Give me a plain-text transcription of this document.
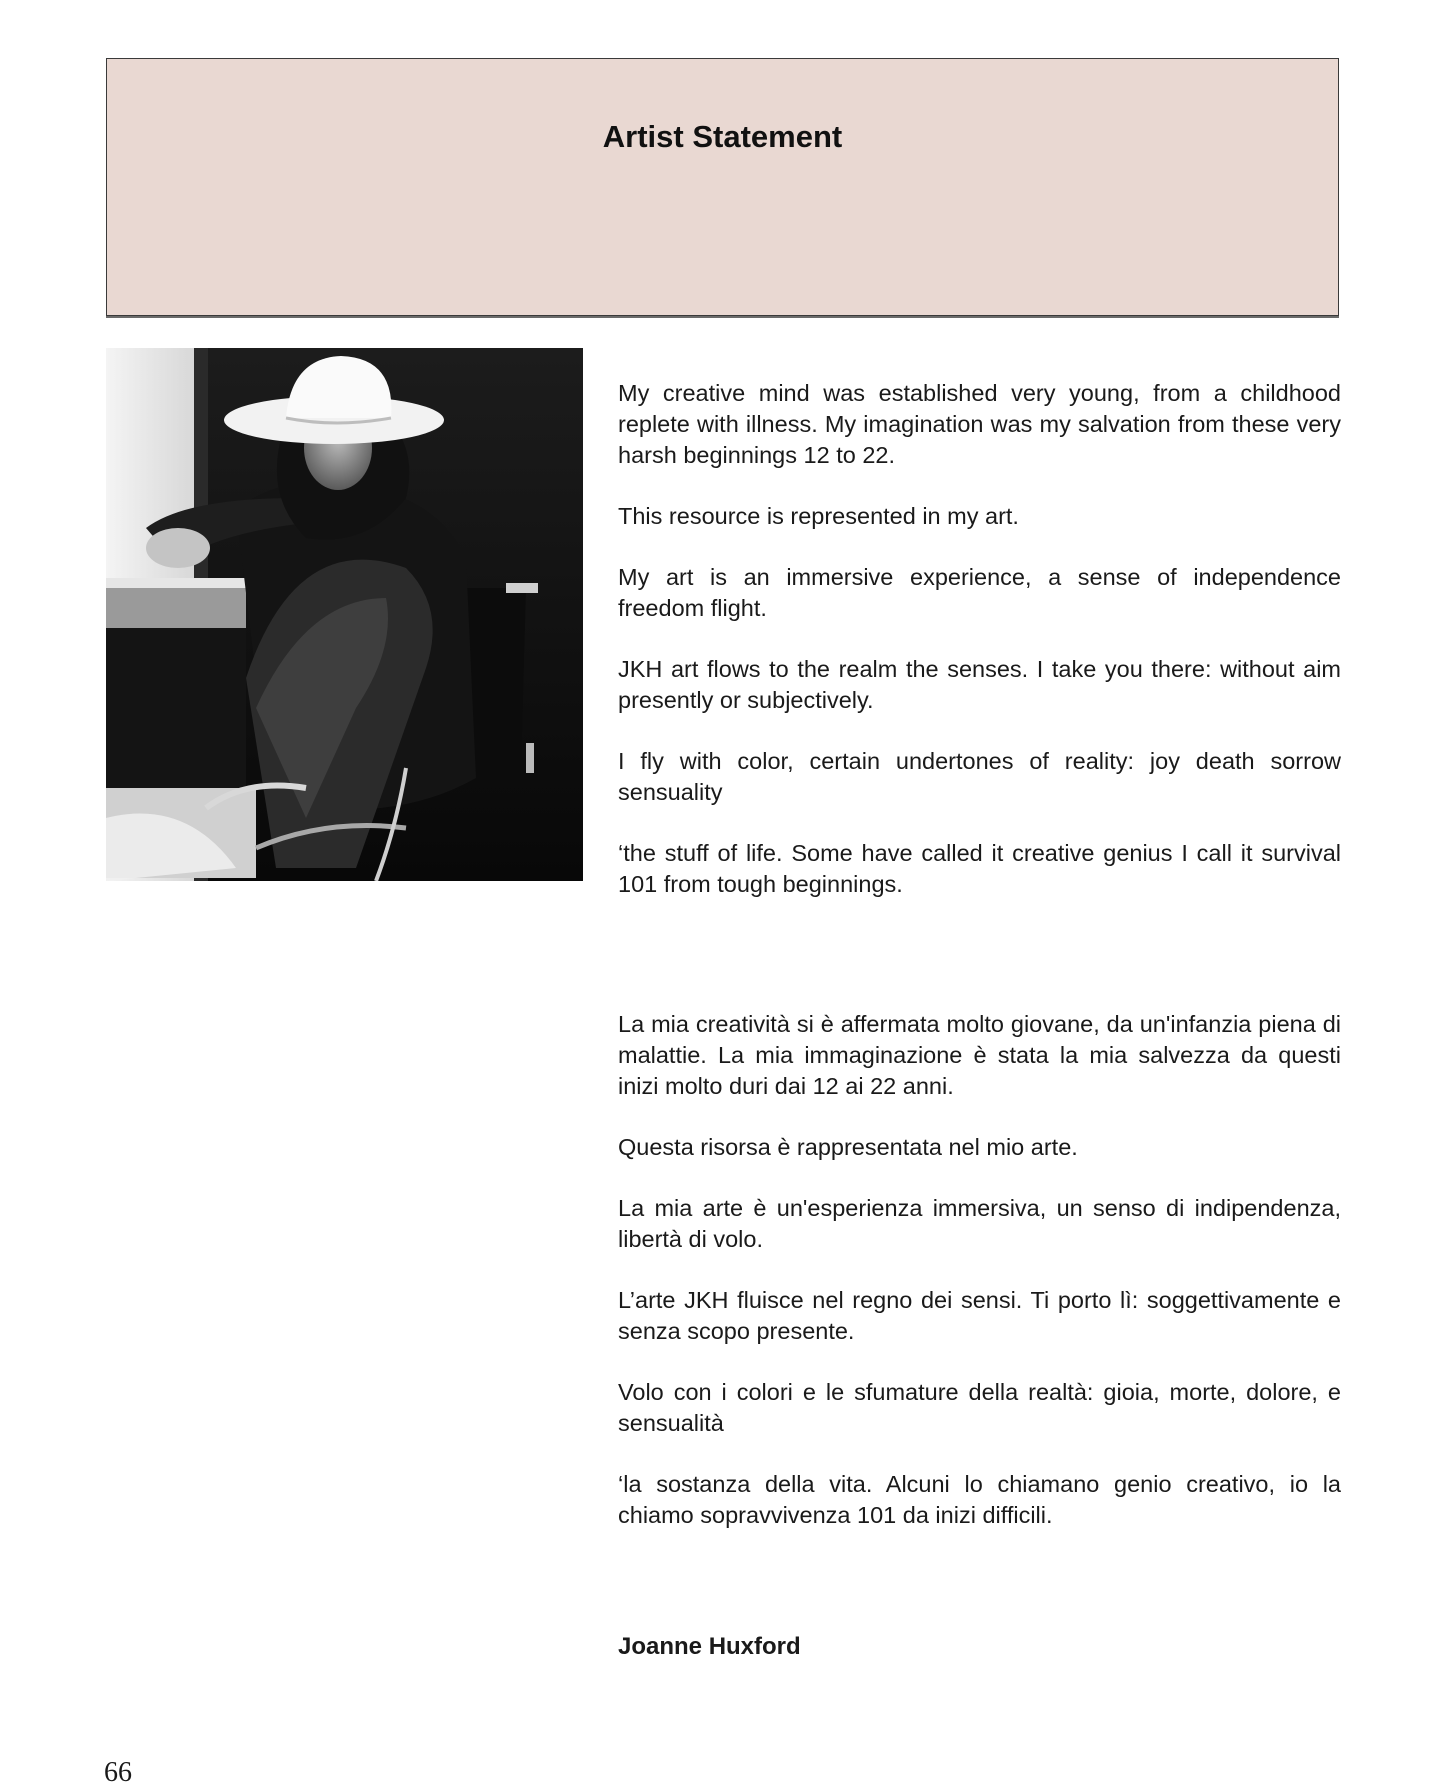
Artist Statement

My creative mind was established very young, from a childhood replete with illness. My imagination was my salvation from these very harsh beginnings 12 to 22.

This resource is represented in my art.

My art is an immersive experience, a sense of independence freedom flight.

JKH art flows to the realm the senses. I take you there: without aim presently or subjectively.

I fly with color, certain undertones of reality: joy death sorrow sensuality

‘the stuff of life. Some have called it creative genius I call it survival 101 from tough beginnings.

La mia creatività si è affermata molto giovane, da un'infanzia piena di malattie. La mia immaginazione è stata la mia salvezza da questi inizi molto duri dai 12 ai 22 anni.

Questa risorsa è rappresentata nel mio arte.

La mia arte è un'esperienza immersiva, un senso di indipendenza, libertà di volo.

L’arte JKH fluisce nel regno dei sensi. Ti porto lì: soggettivamente e senza scopo presente.

Volo con i colori e le sfumature della realtà: gioia, morte, dolore, e sensualità

‘la sostanza della vita. Alcuni lo chiamano genio creativo, io la chiamo sopravvivenza 101 da inizi difficili.

Joanne Huxford
66
